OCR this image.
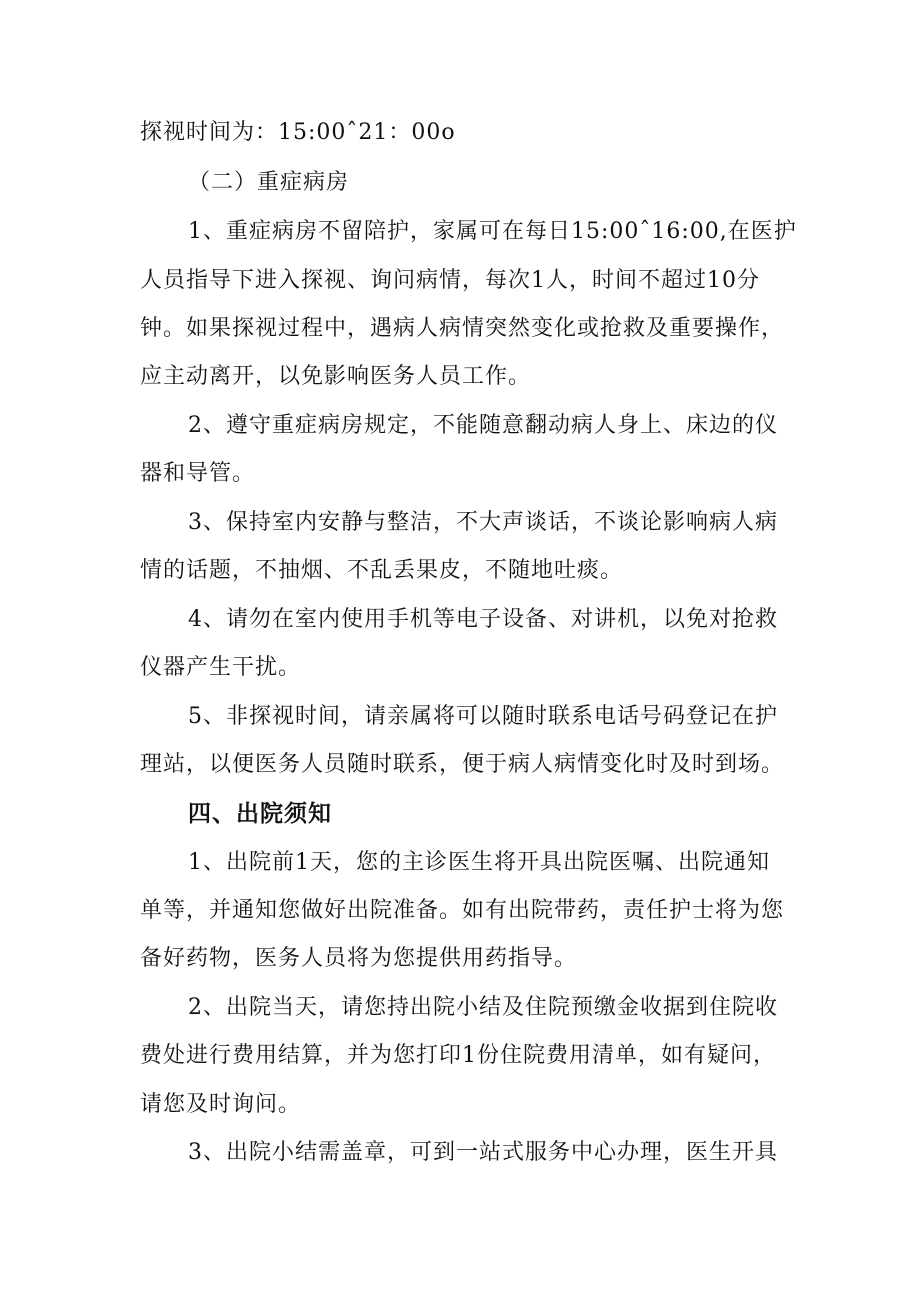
探视时间为：15:00ˆ21：00o
（二）重症病房
1、重症病房不留陪护，家属可在每日15:00ˆ16:00,在医护
人员指导下进入探视、询问病情，每次1人，时间不超过10分
钟。如果探视过程中，遇病人病情突然变化或抢救及重要操作，
应主动离开，以免影响医务人员工作。
2、遵守重症病房规定，不能随意翻动病人身上、床边的仪
器和导管。
3、保持室内安静与整洁，不大声谈话，不谈论影响病人病
情的话题，不抽烟、不乱丢果皮，不随地吐痰。
4、请勿在室内使用手机等电子设备、对讲机，以免对抢救
仪器产生干扰。
5、非探视时间，请亲属将可以随时联系电话号码登记在护
理站，以便医务人员随时联系，便于病人病情变化时及时到场。
四、出院须知
1、出院前1天，您的主诊医生将开具出院医嘱、出院通知
单等，并通知您做好出院准备。如有出院带药，责任护士将为您
备好药物，医务人员将为您提供用药指导。
2、出院当天，请您持出院小结及住院预缴金收据到住院收
费处进行费用结算，并为您打印1份住院费用清单，如有疑问，
请您及时询问。
3、出院小结需盖章，可到一站式服务中心办理，医生开具
